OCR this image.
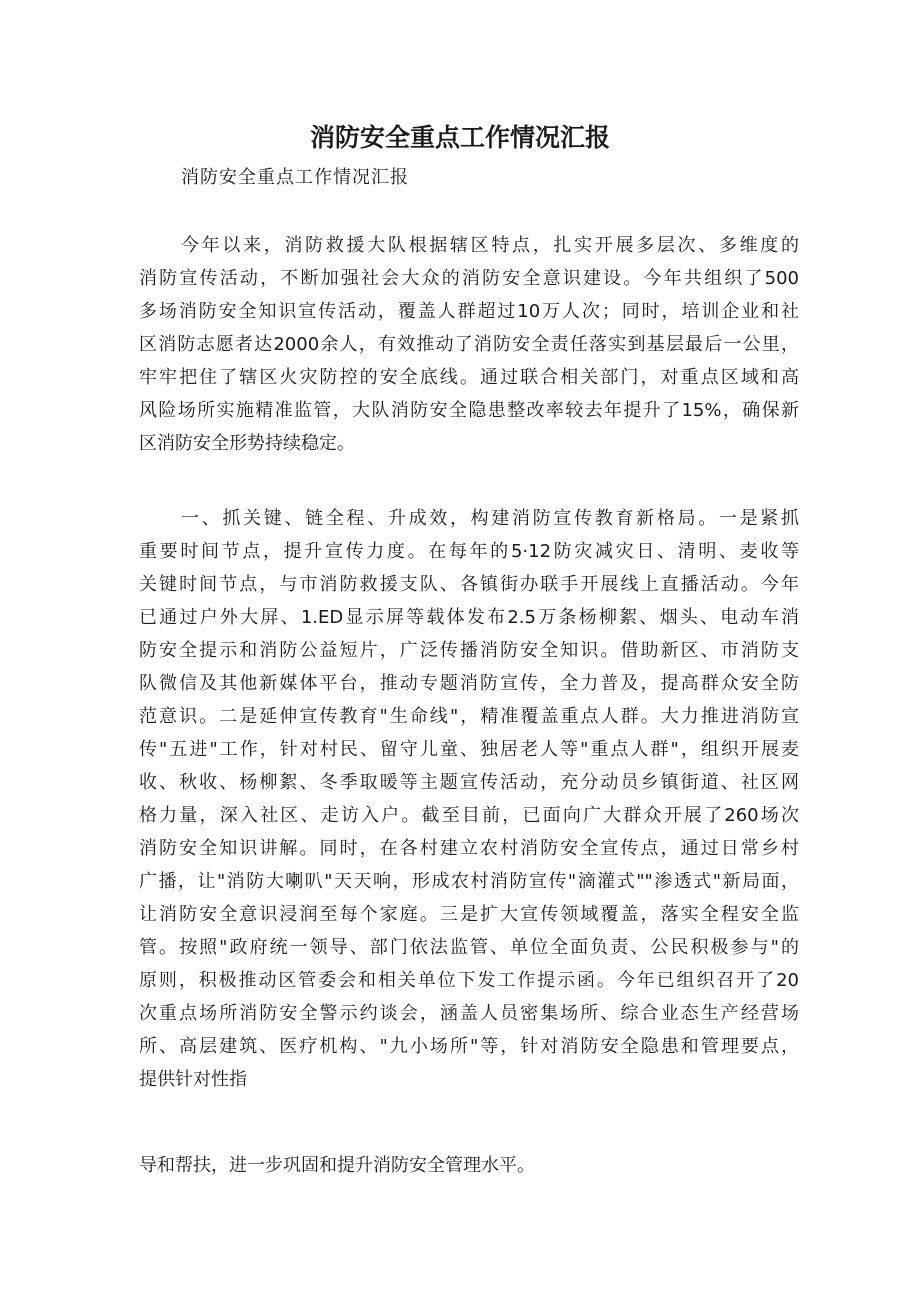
消防安全重点工作情况汇报

消防安全重点工作情况汇报

今年以来，消防救援大队根据辖区特点，扎实开展多层次、多维度的
消防宣传活动，不断加强社会大众的消防安全意识建设。今年共组织了500
多场消防安全知识宣传活动，覆盖人群超过10万人次；同时，培训企业和社
区消防志愿者达2000余人，有效推动了消防安全责任落实到基层最后一公里，
牢牢把住了辖区火灾防控的安全底线。通过联合相关部门，对重点区域和高
风险场所实施精准监管，大队消防安全隐患整改率较去年提升了15%，确保新
区消防安全形势持续稳定。
一、抓关键、链全程、升成效，构建消防宣传教育新格局。一是紧抓
重要时间节点，提升宣传力度。在每年的5·12防灾减灾日、清明、麦收等
关键时间节点，与市消防救援支队、各镇街办联手开展线上直播活动。今年
已通过户外大屏、1.ED显示屏等载体发布2.5万条杨柳絮、烟头、电动车消
防安全提示和消防公益短片，广泛传播消防安全知识。借助新区、市消防支
队微信及其他新媒体平台，推动专题消防宣传，全力普及，提高群众安全防
范意识。二是延伸宣传教育"生命线"，精准覆盖重点人群。大力推进消防宣
传"五进"工作，针对村民、留守儿童、独居老人等"重点人群"，组织开展麦
收、秋收、杨柳絮、冬季取暖等主题宣传活动，充分动员乡镇街道、社区网
格力量，深入社区、走访入户。截至目前，已面向广大群众开展了260场次
消防安全知识讲解。同时，在各村建立农村消防安全宣传点，通过日常乡村
广播，让"消防大喇叭"天天响，形成农村消防宣传"滴灌式""渗透式"新局面，
让消防安全意识浸润至每个家庭。三是扩大宣传领域覆盖，落实全程安全监
管。按照"政府统一领导、部门依法监管、单位全面负责、公民积极参与"的
原则，积极推动区管委会和相关单位下发工作提示函。今年已组织召开了20
次重点场所消防安全警示约谈会，涵盖人员密集场所、综合业态生产经营场
所、高层建筑、医疗机构、"九小场所"等，针对消防安全隐患和管理要点，
提供针对性指
导和帮扶，进一步巩固和提升消防安全管理水平。
